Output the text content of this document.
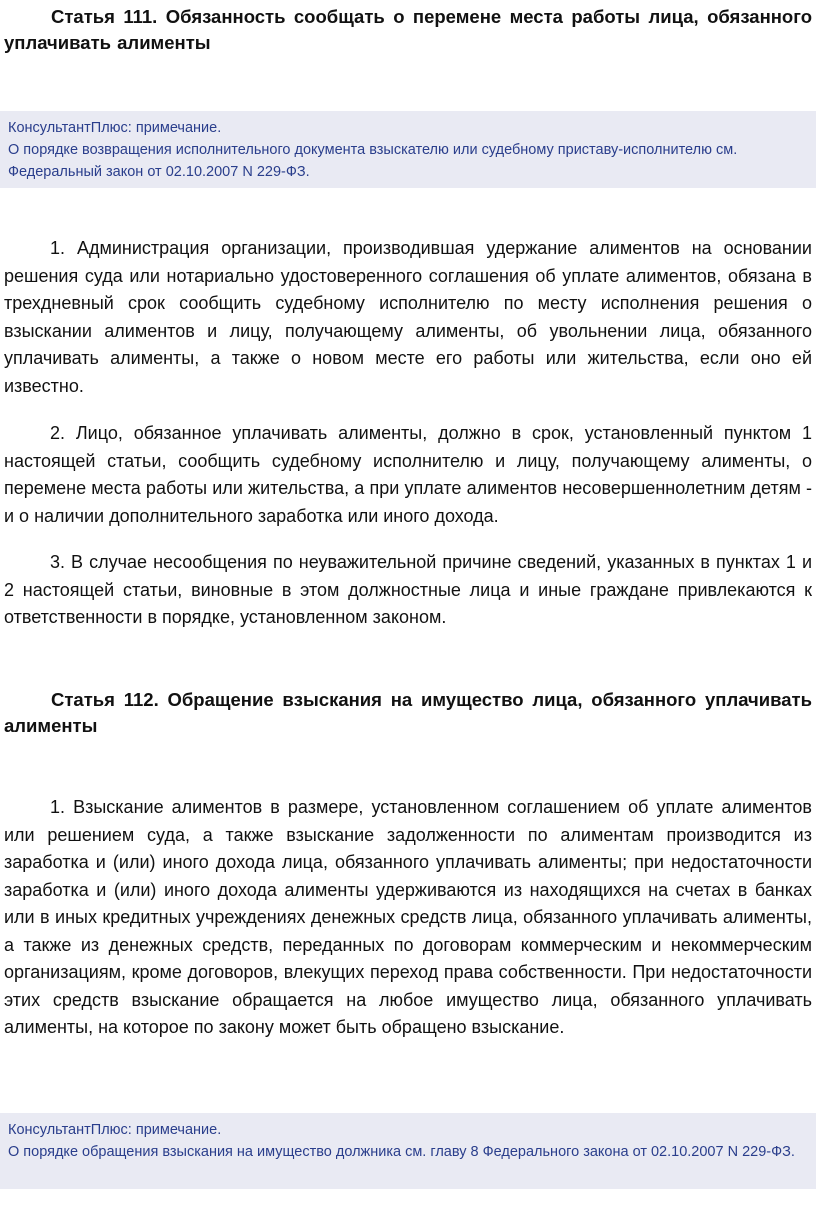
Статья 111. Обязанность сообщать о перемене места работы лица, обязанного уплачивать алименты
КонсультантПлюс: примечание.
О порядке возвращения исполнительного документа взыскателю или судебному приставу-исполнителю см. Федеральный закон от 02.10.2007 N 229-ФЗ.

1. Администрация организации, производившая удержание алиментов на основании решения суда или нотариально удостоверенного соглашения об уплате алиментов, обязана в трехдневный срок сообщить судебному исполнителю по месту исполнения решения о взыскании алиментов и лицу, получающему алименты, об увольнении лица, обязанного уплачивать алименты, а также о новом месте его работы или жительства, если оно ей известно.

2. Лицо, обязанное уплачивать алименты, должно в срок, установленный пунктом 1 настоящей статьи, сообщить судебному исполнителю и лицу, получающему алименты, о перемене места работы или жительства, а при уплате алиментов несовершеннолетним детям - и о наличии дополнительного заработка или иного дохода.

3. В случае несообщения по неуважительной причине сведений, указанных в пунктах 1 и 2 настоящей статьи, виновные в этом должностные лица и иные граждане привлекаются к ответственности в порядке, установленном законом.

Статья 112. Обращение взыскания на имущество лица, обязанного уплачивать алименты

1. Взыскание алиментов в размере, установленном соглашением об уплате алиментов или решением суда, а также взыскание задолженности по алиментам производится из заработка и (или) иного дохода лица, обязанного уплачивать алименты; при недостаточности заработка и (или) иного дохода алименты удерживаются из находящихся на счетах в банках или в иных кредитных учреждениях денежных средств лица, обязанного уплачивать алименты, а также из денежных средств, переданных по договорам коммерческим и некоммерческим организациям, кроме договоров, влекущих переход права собственности. При недостаточности этих средств взыскание обращается на любое имущество лица, обязанного уплачивать алименты, на которое по закону может быть обращено взыскание.

КонсультантПлюс: примечание.
О порядке обращения взыскания на имущество должника см. главу 8 Федерального закона от 02.10.2007 N 229-ФЗ.
